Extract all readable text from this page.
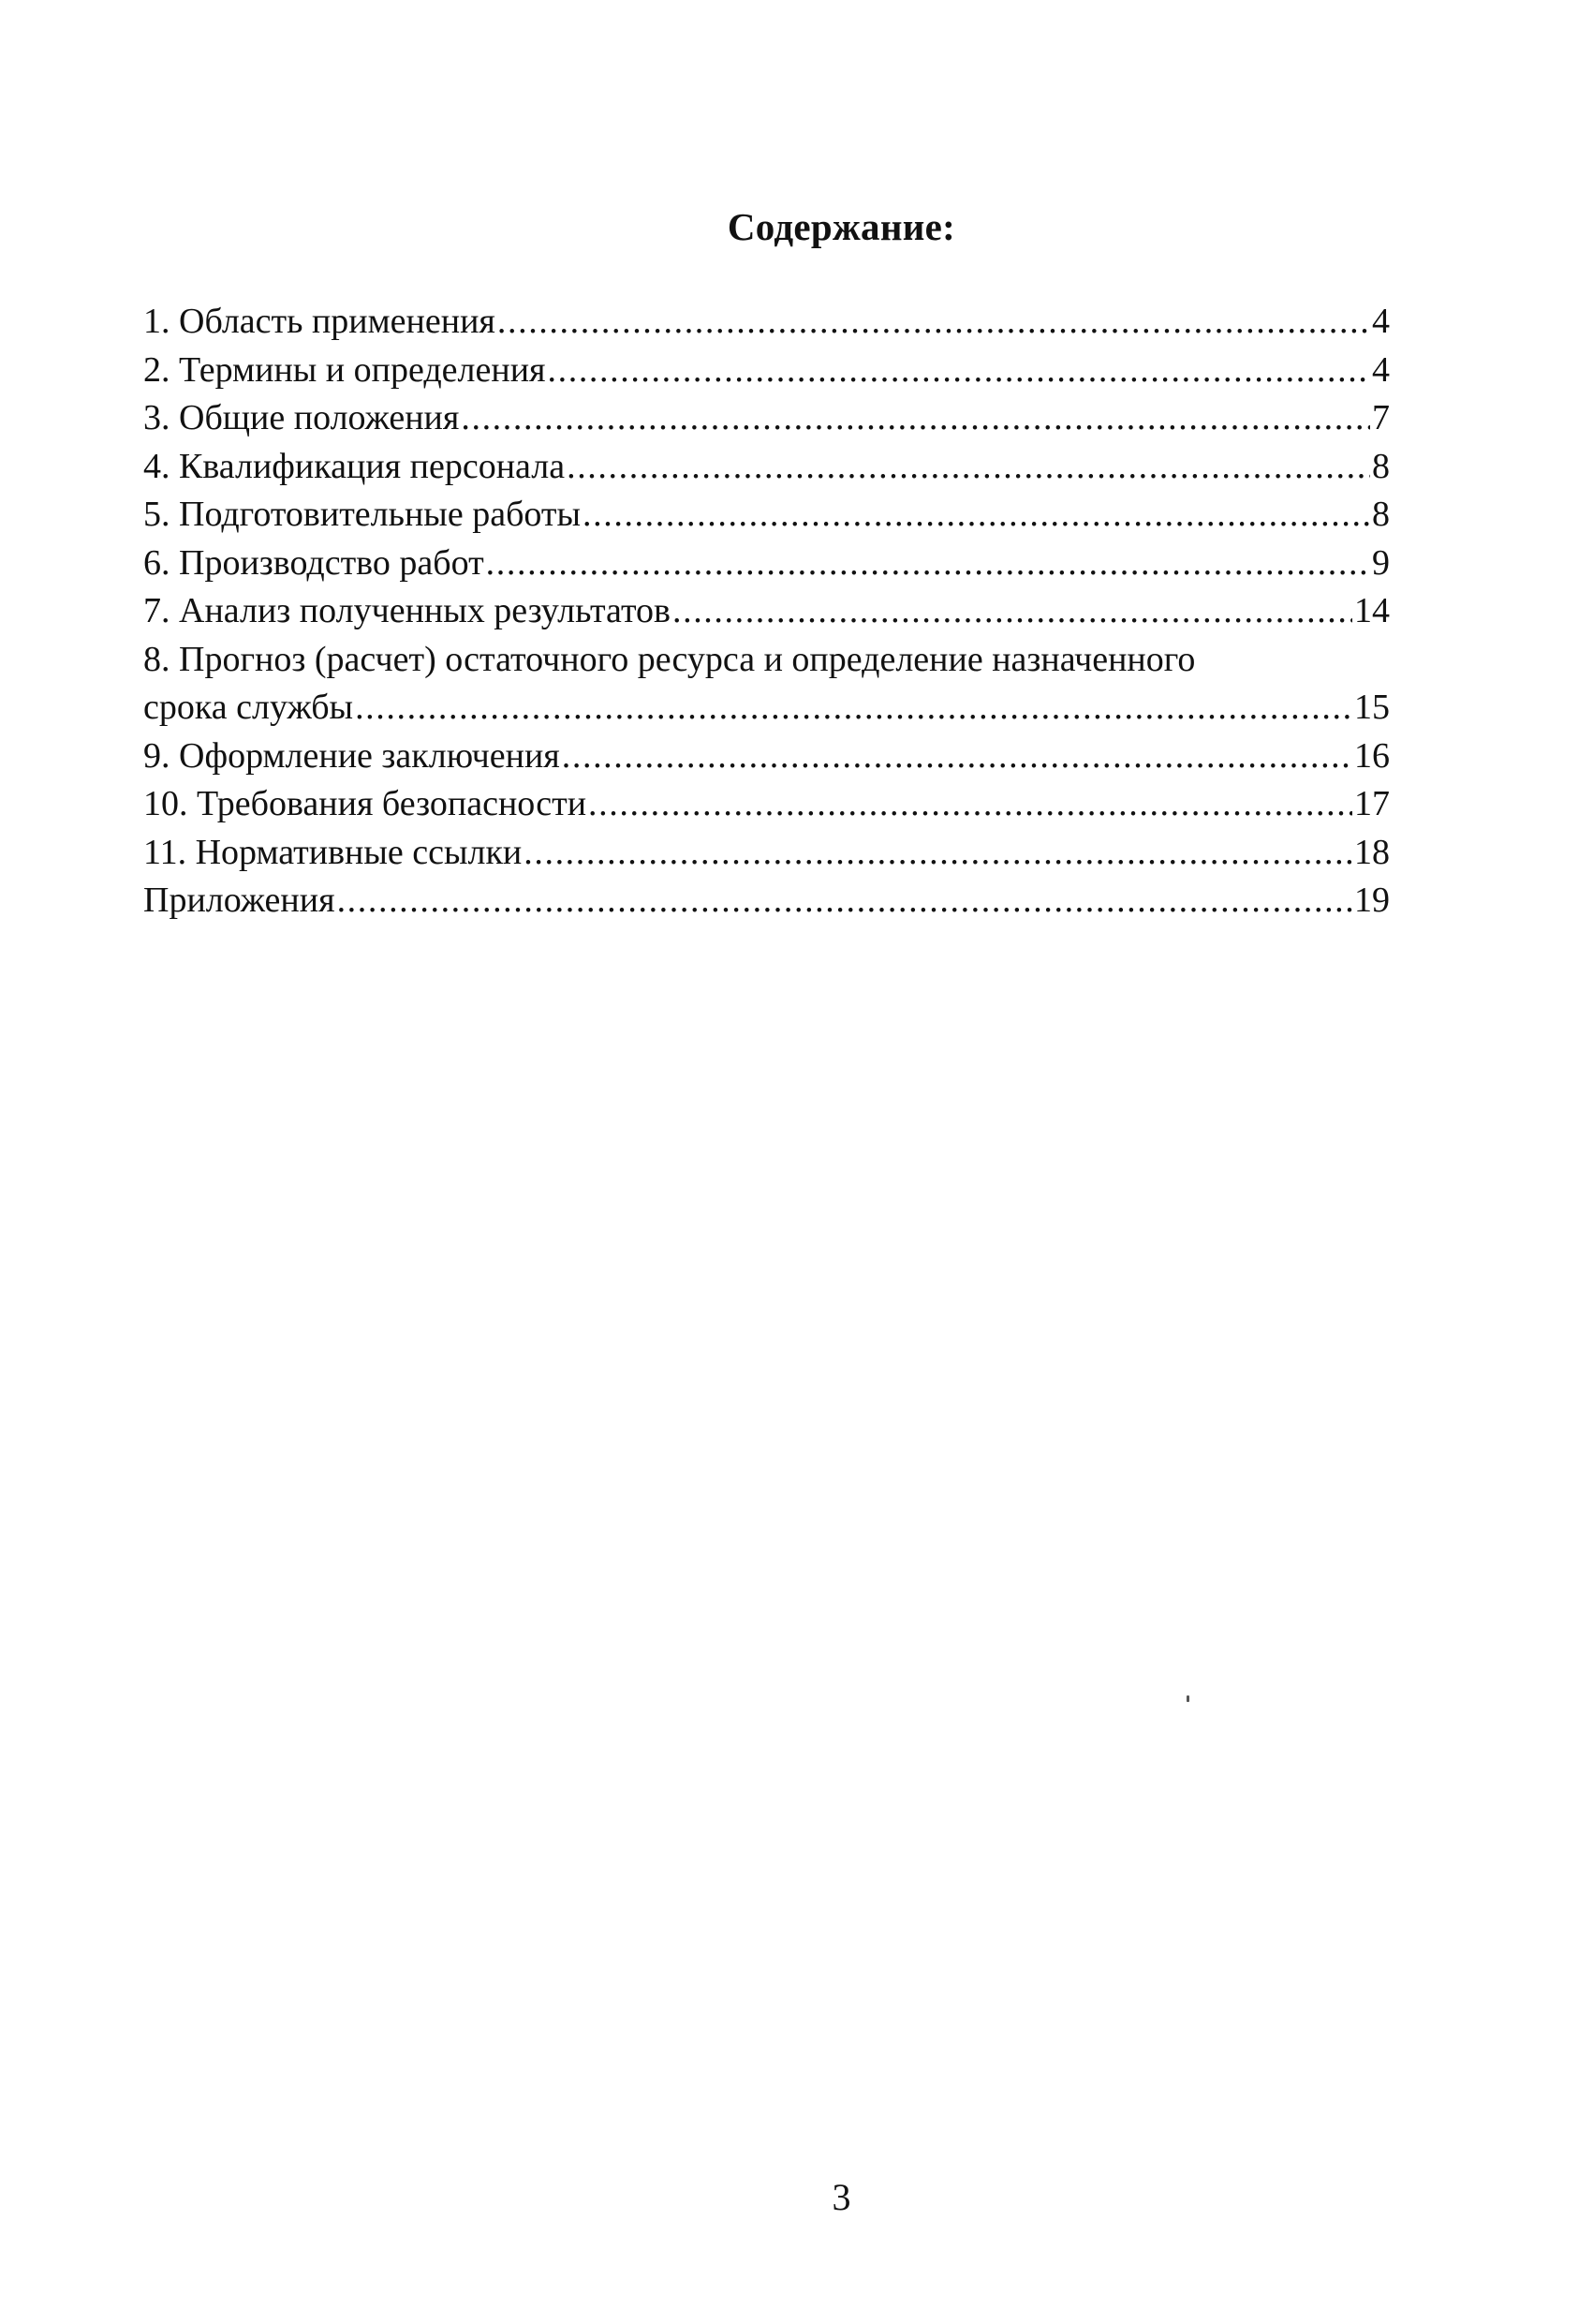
Содержание:
1. Область применения .....	4
2. Термины и определения .....	4
3. Общие положения .....	7
4. Квалификация персонала .....	8
5. Подготовительные работы .....	8
6. Производство работ .....	9
7. Анализ полученных результатов .....	14
8. Прогноз (расчет) остаточного ресурса и определение назначенного
срока службы .....	15
9. Оформление заключения .....	16
10. Требования безопасности .....	17
11. Нормативные ссылки .....	18
Приложения .....	19
3
